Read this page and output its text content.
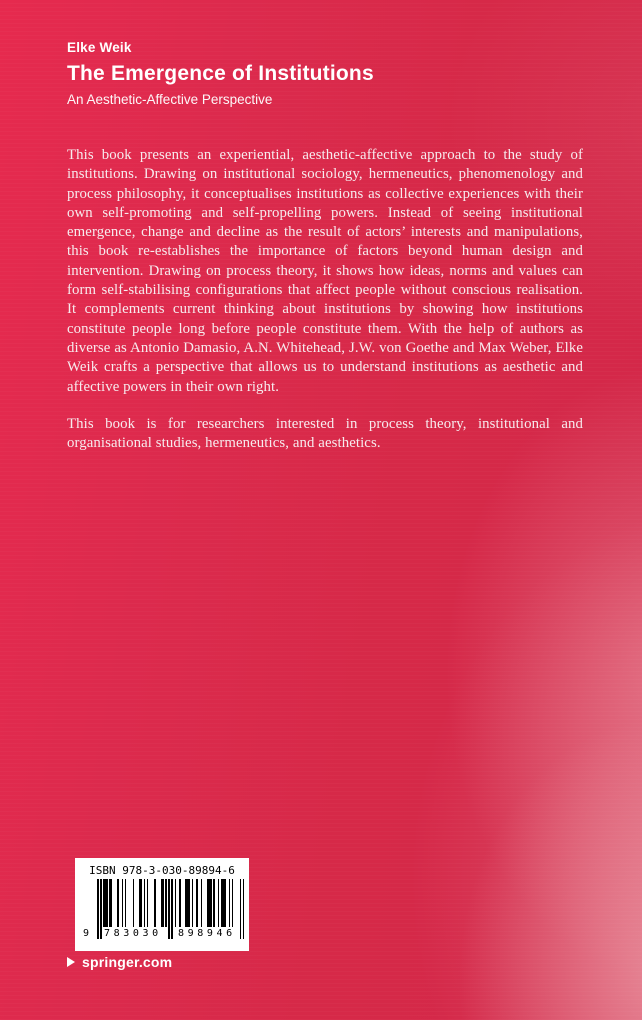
Elke Weik
The Emergence of Institutions
An Aesthetic-Affective Perspective

This book presents an experiential, aesthetic-affective approach to the study of institutions. Drawing on institutional sociology, hermeneutics, phenomenology and process philosophy, it conceptualises institutions as collective experiences with their own self-promoting and self-propelling powers. Instead of seeing institutional emergence, change and decline as the result of actors’ interests and manipulations, this book re-establishes the importance of factors beyond human design and intervention. Drawing on process theory, it shows how ideas, norms and values can form self-stabilising configurations that affect people without conscious realisation. It complements current thinking about institutions by showing how institutions constitute people long before people constitute them. With the help of authors as diverse as Antonio Damasio, A.N. Whitehead, J.W. von Goethe and Max Weber, Elke Weik crafts a perspective that allows us to understand institutions as aesthetic and affective powers in their own right.

This book is for researchers interested in process theory, institutional and organisational studies, hermeneutics, and aesthetics.

ISBN 978-3-030-89894-6
9 783030 898946
springer.com
